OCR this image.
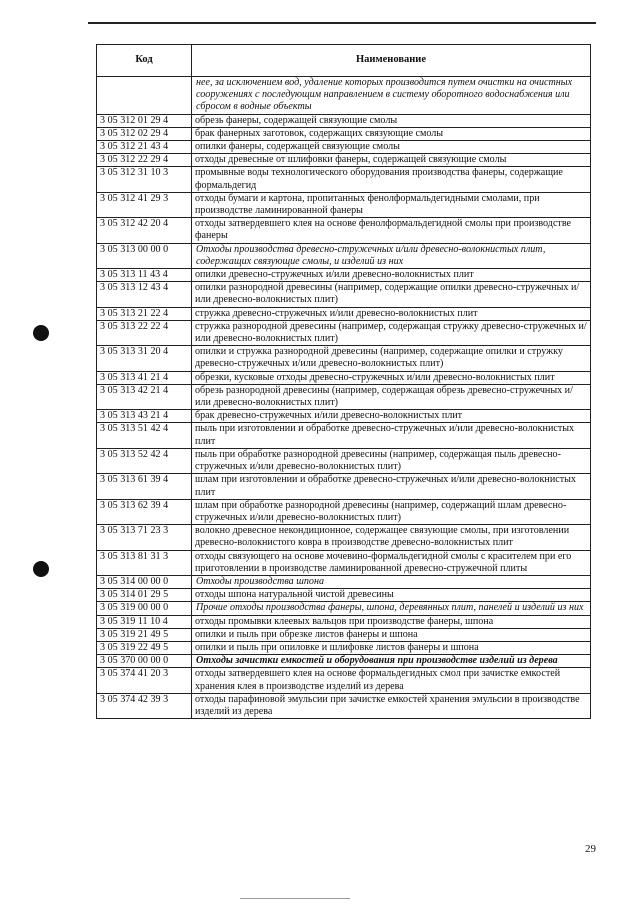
Код	Наименование
	нее, за исключением вод, удаление которых производится путем очистки на очистных сооружениях с последующим направлением в систему оборотного водоснабжения или сбросом в водные объекты
3 05 312 01 29 4	обрезь фанеры, содержащей связующие смолы
3 05 312 02 29 4	брак фанерных заготовок, содержащих связующие смолы
3 05 312 21 43 4	опилки фанеры, содержащей связующие смолы
3 05 312 22 29 4	отходы древесные от шлифовки фанеры, содержащей связующие смолы
3 05 312 31 10 3	промывные воды технологического оборудования производства фанеры, содержащие формальдегид
3 05 312 41 29 3	отходы бумаги и картона, пропитанных фенолформальдегидными смолами, при производстве ламинированной фанеры
3 05 312 42 20 4	отходы затвердевшего клея на основе фенолформальдегидной смолы при производстве фанеры
3 05 313 00 00 0	Отходы производства древесно-стружечных и/или древесно-волокнистых плит, содержащих связующие смолы, и изделий из них
3 05 313 11 43 4	опилки древесно-стружечных и/или древесно-волокнистых плит
3 05 313 12 43 4	опилки разнородной древесины (например, содержащие опилки древесно-стружечных и/или древесно-волокнистых плит)
3 05 313 21 22 4	стружка древесно-стружечных и/или древесно-волокнистых плит
3 05 313 22 22 4	стружка разнородной древесины (например, содержащая стружку древесно-стружечных и/или древесно-волокнистых плит)
3 05 313 31 20 4	опилки и стружка разнородной древесины (например, содержащие опилки и стружку древесно-стружечных и/или древесно-волокнистых плит)
3 05 313 41 21 4	обрезки, кусковые отходы древесно-стружечных и/или древесно-волокнистых плит
3 05 313 42 21 4	обрезь разнородной древесины (например, содержащая обрезь древесно-стружечных и/или древесно-волокнистых плит)
3 05 313 43 21 4	брак древесно-стружечных и/или древесно-волокнистых плит
3 05 313 51 42 4	пыль при изготовлении и обработке древесно-стружечных и/или древесно-волокнистых плит
3 05 313 52 42 4	пыль при обработке разнородной древесины (например, содержащая пыль древесно-стружечных и/или древесно-волокнистых плит)
3 05 313 61 39 4	шлам при изготовлении и обработке древесно-стружечных и/или древесно-волокнистых плит
3 05 313 62 39 4	шлам при обработке разнородной древесины (например, содержащий шлам древесно-стружечных и/или древесно-волокнистых плит)
3 05 313 71 23 3	волокно древесное некондиционное, содержащее связующие смолы, при изготовлении древесно-волокнистого ковра в производстве древесно-волокнистых плит
3 05 313 81 31 3	отходы связующего на основе мочевино-формальдегидной смолы с красителем при его приготовлении в производстве ламинированной древесно-стружечной плиты
3 05 314 00 00 0	Отходы производства шпона
3 05 314 01 29 5	отходы шпона натуральной чистой древесины
3 05 319 00 00 0	Прочие отходы производства фанеры, шпона, деревянных плит, панелей и изделий из них
3 05 319 11 10 4	отходы промывки клеевых вальцов при производстве фанеры, шпона
3 05 319 21 49 5	опилки и пыль при обрезке листов фанеры и шпона
3 05 319 22 49 5	опилки и пыль при опиловке и шлифовке листов фанеры и шпона
3 05 370 00 00 0	Отходы зачистки емкостей и оборудования при производстве изделий из дерева
3 05 374 41 20 3	отходы затвердевшего клея на основе формальдегидных смол при зачистке емкостей хранения клея в производстве изделий из дерева
3 05 374 42 39 3	отходы парафиновой эмульсии при зачистке емкостей хранения эмульсии в производстве изделий из дерева
29
